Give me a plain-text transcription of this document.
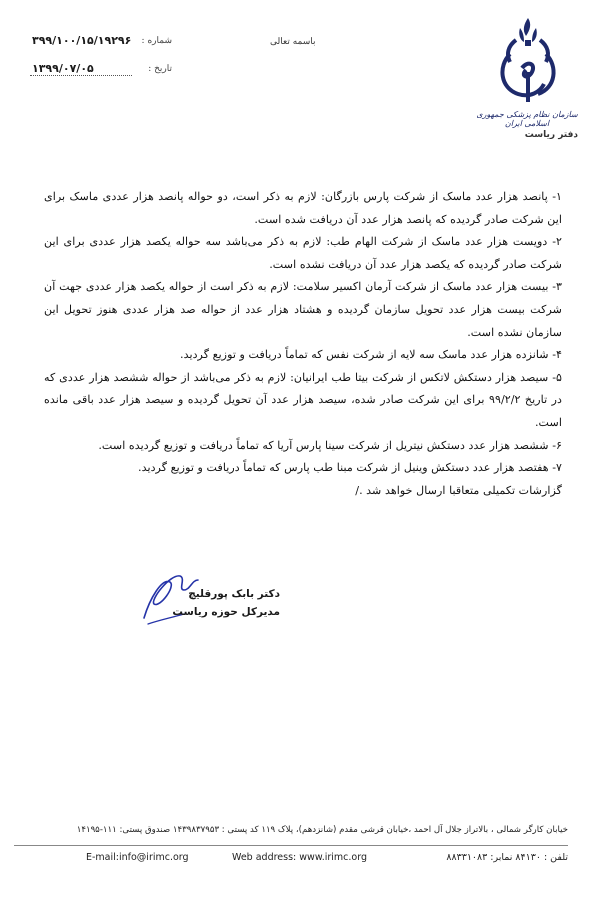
شماره :
۳۹۹/۱۰۰/۱۵/۱۹۲۹۶
تاریخ :
۱۳۹۹/۰۷/۰۵
باسمه تعالی
سازمان نظام پزشکی جمهوری اسلامی ایران
دفتر ریاست

۱- پانصد هزار عدد ماسک از شرکت پارس بازرگان: لازم به ذکر است، دو حواله پانصد هزار عددی ماسک برای این شرکت صادر گردیده که پانصد هزار عدد آن دریافت شده است.

۲- دویست هزار عدد ماسک از شرکت الهام طب: لازم به ذکر می‌باشد سه حواله یکصد هزار عددی برای این شرکت صادر گردیده که یکصد هزار عدد آن دریافت نشده است.

۳- بیست هزار عدد ماسک از شرکت آرمان اکسیر سلامت: لازم به ذکر است از حواله یکصد هزار عددی جهت آن شرکت بیست هزار عدد تحویل سازمان گردیده و هشتاد هزار عدد از حواله صد هزار عددی هنوز تحویل این سازمان نشده است.

۴- شانزده هزار عدد ماسک سه لایه از شرکت نفس که تماماً دریافت و توزیع گردید.

۵- سیصد هزار دستکش لاتکس از شرکت بیتا طب ایرانیان: لازم به ذکر می‌باشد از حواله ششصد هزار عددی که در تاریخ ۹۹/۲/۲ برای این شرکت صادر شده، سیصد هزار عدد آن تحویل گردیده و سیصد هزار عدد باقی مانده است.

۶- ششصد هزار عدد دستکش نیتریل از شرکت سینا پارس آریا که تماماً دریافت و توزیع گردیده است.

۷- هفتصد هزار عدد دستکش وینیل از شرکت مبنا طب پارس که تماماً دریافت و توزیع گردید.

گزارشات تکمیلی متعاقبا ارسال خواهد شد ./

دکتر بابک پورقلیچ
مدیرکل حوزه ریاست
خیابان کارگر شمالی ، بالاتراز جلال آل احمد ،خیابان قرشی مقدم (شانزدهم)، پلاک ۱۱۹ کد پستی : ۱۴۳۹۸۳۷۹۵۳ صندوق پستی: ۱۱۱-۱۴۱۹۵
تلفن : ۸۴۱۳۰ نمابر: ۸۸۳۳۱۰۸۳
Web address: www.irimc.org
E-mail:info@irimc.org
